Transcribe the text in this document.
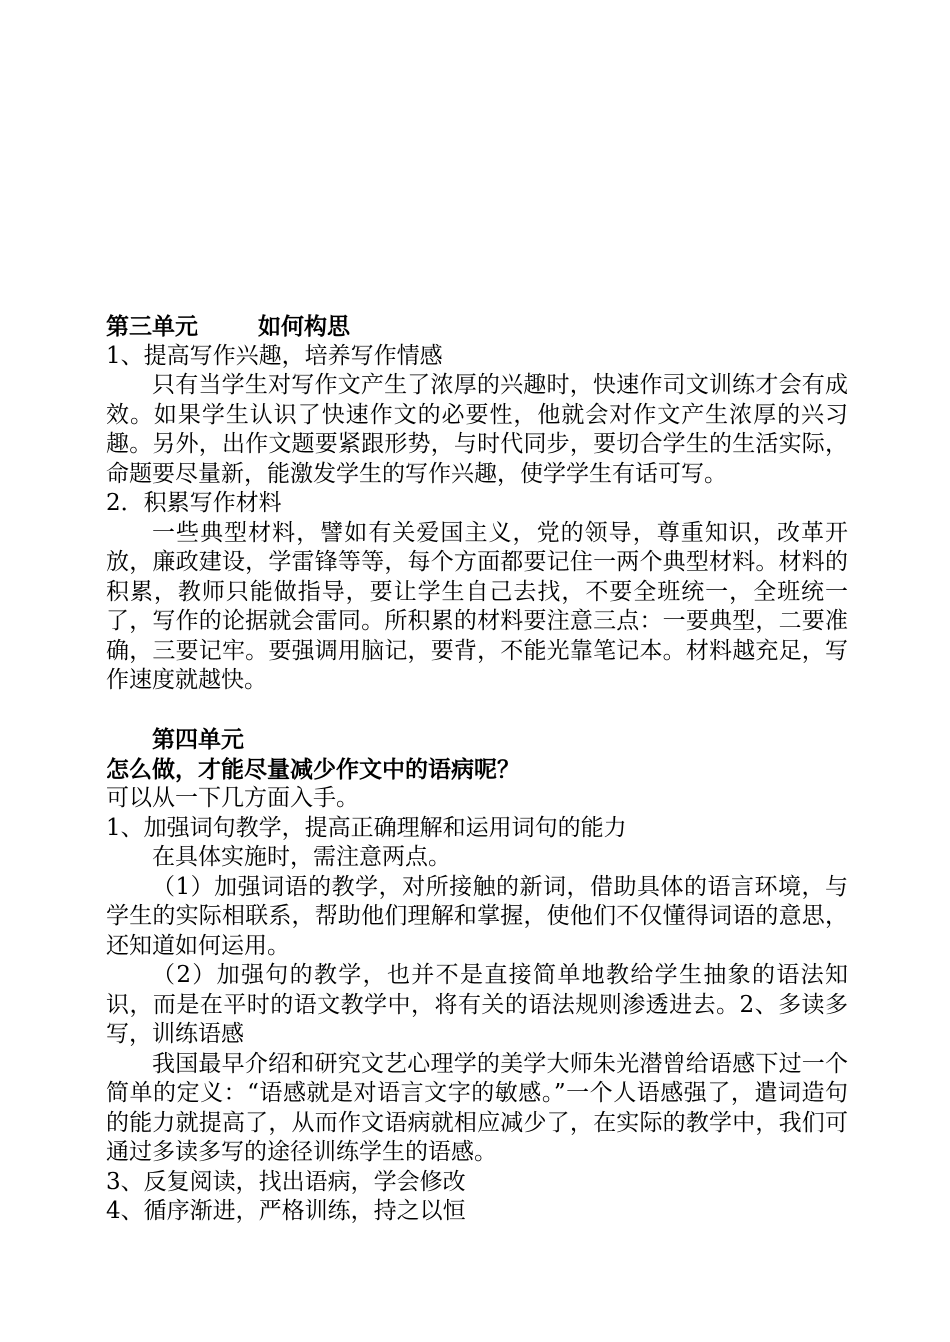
第三单元	如何构思

1、提高写作兴趣，培养写作情感

只有当学生对写作文产生了浓厚的兴趣时，快速作司文训练才会有成效。如果学生认识了快速作文的必要性，他就会对作文产生浓厚的兴习趣。另外，出作文题要紧跟形势，与时代同步，要切合学生的生活实际，命题要尽量新，能激发学生的写作兴趣，使学学生有话可写。

2．积累写作材料

一些典型材料，譬如有关爱国主义，党的领导，尊重知识，改革开放，廉政建设，学雷锋等等，每个方面都要记住一两个典型材料。材料的积累，教师只能做指导，要让学生自己去找，不要全班统一，全班统一了，写作的论据就会雷同。所积累的材料要注意三点：一要典型，二要准确，三要记牢。要强调用脑记，要背，不能光靠笔记本。材料越充足，写作速度就越快。

第四单元

怎么做，才能尽量减少作文中的语病呢？

可以从一下几方面入手。

1、加强词句教学，提高正确理解和运用词句的能力

在具体实施时，需注意两点。

（1）加强词语的教学，对所接触的新词，借助具体的语言环境，与学生的实际相联系，帮助他们理解和掌握，使他们不仅懂得词语的意思，还知道如何运用。

（2）加强句的教学，也并不是直接简单地教给学生抽象的语法知识，而是在平时的语文教学中，将有关的语法规则渗透进去。2、多读多写，训练语感

我国最早介绍和研究文艺心理学的美学大师朱光潜曾给语感下过一个简单的定义：“语感就是对语言文字的敏感。”一个人语感强了，遣词造句的能力就提高了，从而作文语病就相应减少了，在实际的教学中，我们可通过多读多写的途径训练学生的语感。

3、反复阅读，找出语病，学会修改

4、循序渐进，严格训练，持之以恒
